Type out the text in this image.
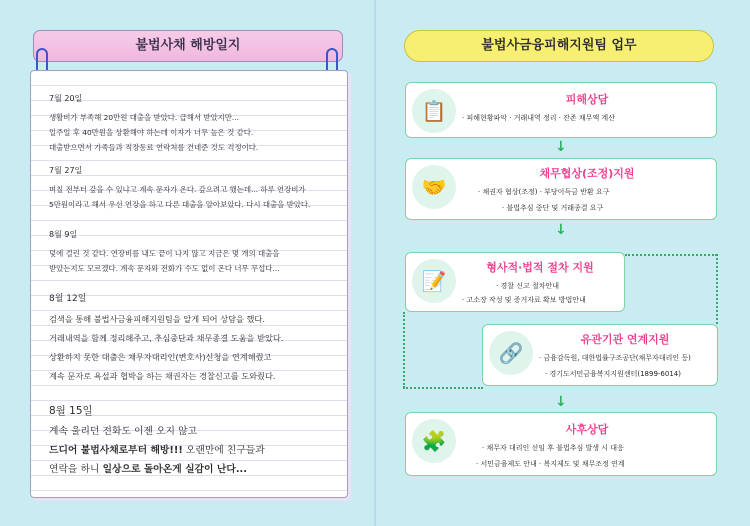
불법사채 해방일지
7월 20일

생활비가 부족해 20만원 대출을 받았다. 급해서 받았지만...

일주일 후 40만원을 상환해야 하는데 이자가 너무 높은 것 같다.

대출받으면서 가족들과 직장동료 연락처를 건네준 것도 걱정이다.

7월 27일

며칠 전부터 갚을 수 있냐고 계속 문자가 온다. 갚으려고 했는데... 하루 연장비가

5만원이라고 해서 우선 연장을 하고 다른 대출을 알아보았다. 다시 대출을 받았다.

8월 9일

덫에 걸린 것 같다. 연장비를 내도 끝이 나지 않고 지금은 몇 개의 대출을

받았는지도 모르겠다. 계속 문자와 전화가 수도 없이 온다 너무 무섭다...

8월 12일

검색을 통해 불법사금융피해지원팀을 알게 되어 상담을 했다.

거래내역을 함께 정리해주고, 추심중단과 채무종결 도움을 받았다.

상환하지 못한 대출은 채무자대리인(변호사)신청을 연계해줬고

계속 문자로 욕설과 협박을 하는 채권자는 경찰신고를 도와줬다.

8월 15일

계속 울리던 전화도 이젠 오지 않고

드디어 불법사채로부터 해방!!! 오랜만에 친구들과

연락을 하니 일상으로 돌아온게 실감이 난다...

불법사금융피해지원팀 업무
📋	피해상담
· 피해현황파악 · 거래내역 정리 · 잔존 채무액 계산
↓
🤝
채무협상(조정)지원
· 채권자 협상(조정) · 부당이득금 반환 요구
· 불법추심 중단 및 거래종결 요구
↓
📝
형사적·법적 절차 지원
· 경찰 신고 절차안내
· 고소장 작성 및 증거자료 확보 방법안내
🔗
유관기관 연계지원
· 금융감독원, 대한법률구조공단(채무자대리인 등)
· 경기도서민금융복지지원센터(1899-6014)
↓
🧩	사후상담
· 채무자 대리인 선임 후 불법추심 발생 시 대응
· 서민금융제도 안내 · 복지제도 및 채무조정 연계
